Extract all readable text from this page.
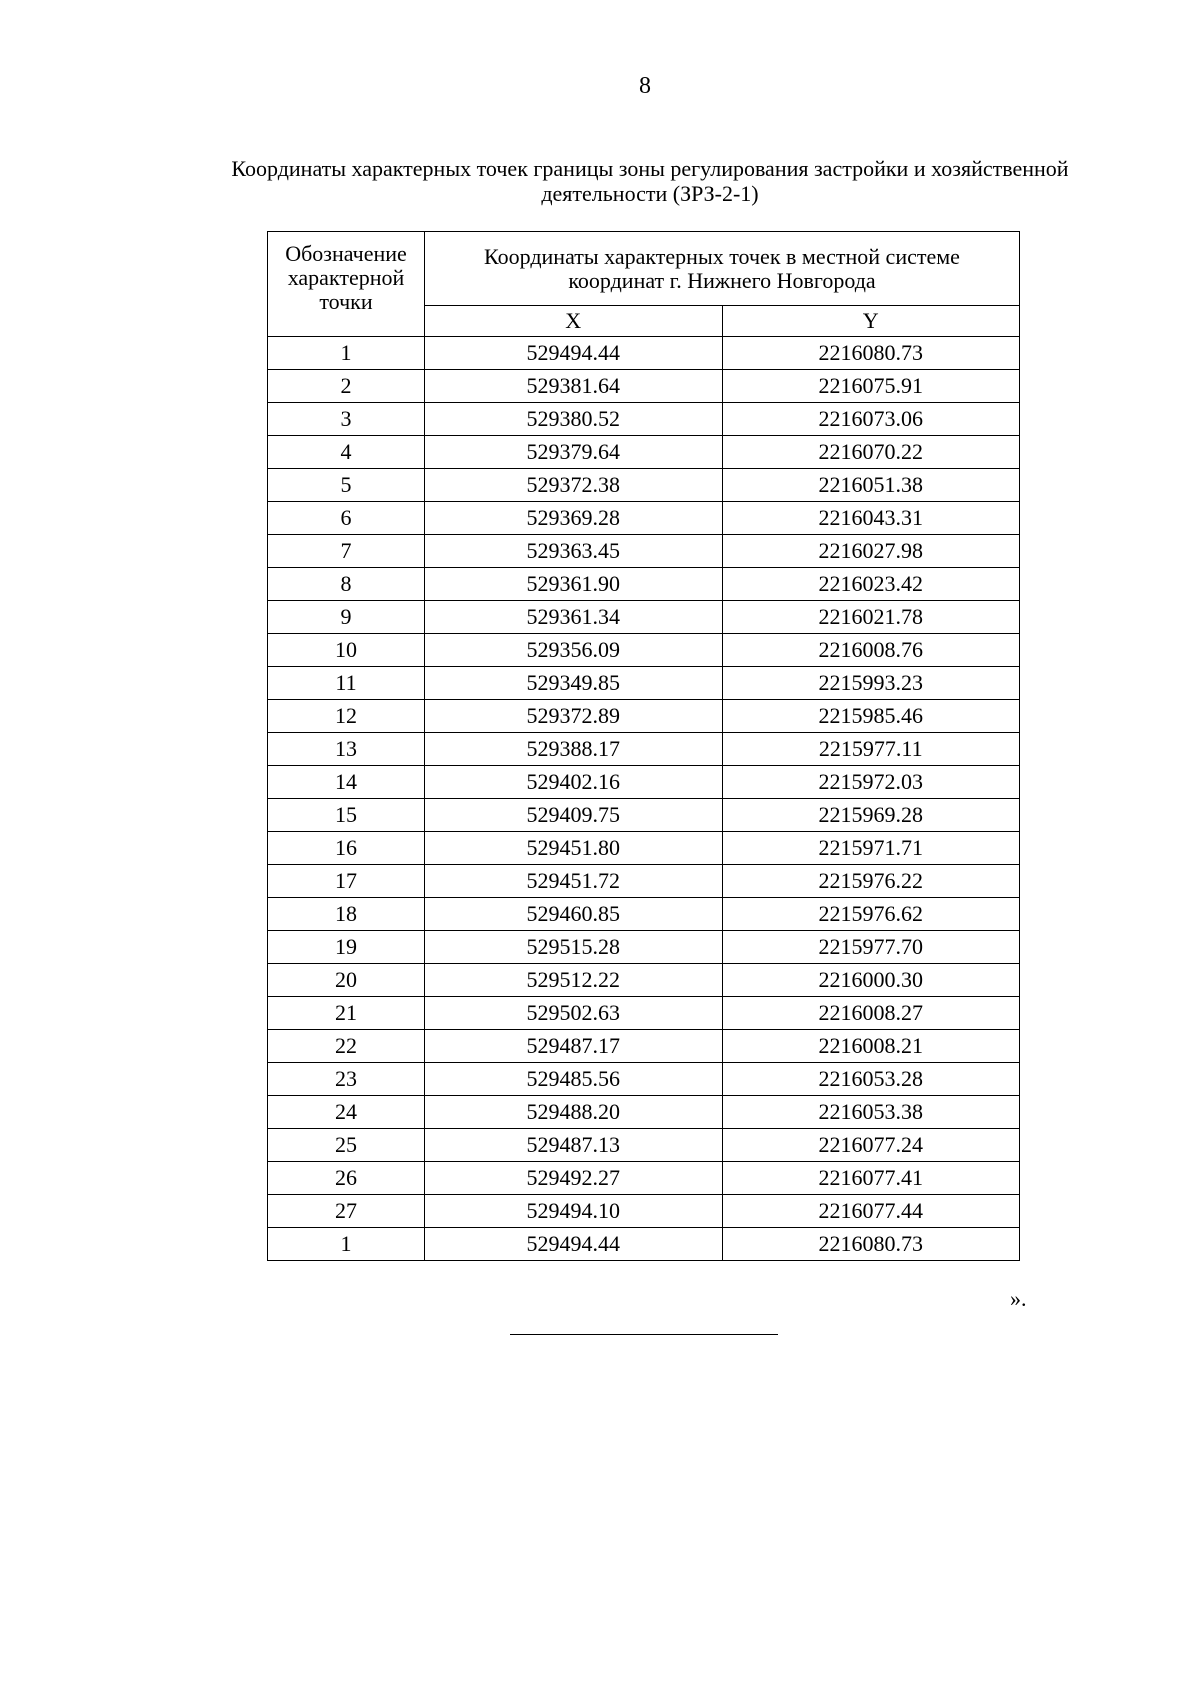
8
Координаты характерных точек границы зоны регулирования застройки и хозяйственной
деятельности (ЗРЗ-2-1)
Обозначение
характерной
точки	Координаты характерных точек в местной системе
координат г. Нижнего Новгорода	

	X	Y
1	529494.44	2216080.73
2	529381.64	2216075.91
3	529380.52	2216073.06
4	529379.64	2216070.22
5	529372.38	2216051.38
6	529369.28	2216043.31
7	529363.45	2216027.98
8	529361.90	2216023.42
9	529361.34	2216021.78
10	529356.09	2216008.76
11	529349.85	2215993.23
12	529372.89	2215985.46
13	529388.17	2215977.11
14	529402.16	2215972.03
15	529409.75	2215969.28
16	529451.80	2215971.71
17	529451.72	2215976.22
18	529460.85	2215976.62
19	529515.28	2215977.70
20	529512.22	2216000.30
21	529502.63	2216008.27
22	529487.17	2216008.21
23	529485.56	2216053.28
24	529488.20	2216053.38
25	529487.13	2216077.24
26	529492.27	2216077.41
27	529494.10	2216077.44
1	529494.44	2216080.73
».
